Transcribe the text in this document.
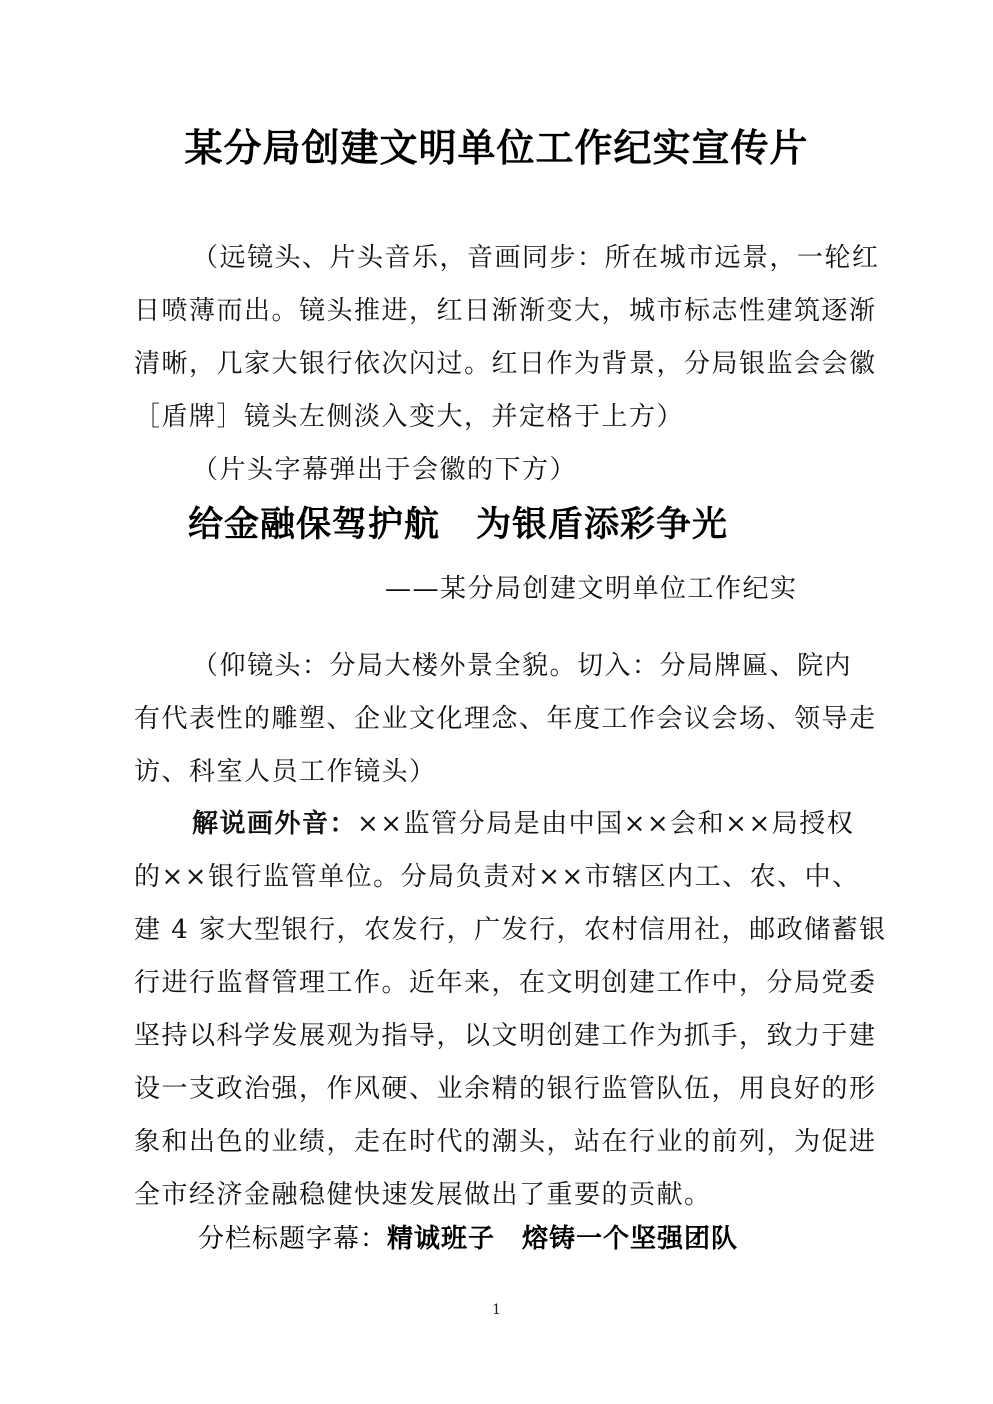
某分局创建文明单位工作纪实宣传片
（远镜头、片头音乐，音画同步：所在城市远景，一轮红
日喷薄而出。镜头推进，红日渐渐变大，城市标志性建筑逐渐
清晰，几家大银行依次闪过。红日作为背景，分局银监会会徽
［盾牌］镜头左侧淡入变大，并定格于上方）
（片头字幕弹出于会徽的下方）
给金融保驾护航　为银盾添彩争光
——某分局创建文明单位工作纪实
（仰镜头：分局大楼外景全貌。切入：分局牌匾、院内
有代表性的雕塑、企业文化理念、年度工作会议会场、领导走
访、科室人员工作镜头）
解说画外音：××监管分局是由中国××会和××局授权
的××银行监管单位。分局负责对××市辖区内工、农、中、
建 4 家大型银行，农发行，广发行，农村信用社，邮政储蓄银
行进行监督管理工作。近年来，在文明创建工作中，分局党委
坚持以科学发展观为指导，以文明创建工作为抓手，致力于建
设一支政治强，作风硬、业余精的银行监管队伍，用良好的形
象和出色的业绩，走在时代的潮头，站在行业的前列，为促进
全市经济金融稳健快速发展做出了重要的贡献。
分栏标题字幕：精诚班子　熔铸一个坚强团队
1
